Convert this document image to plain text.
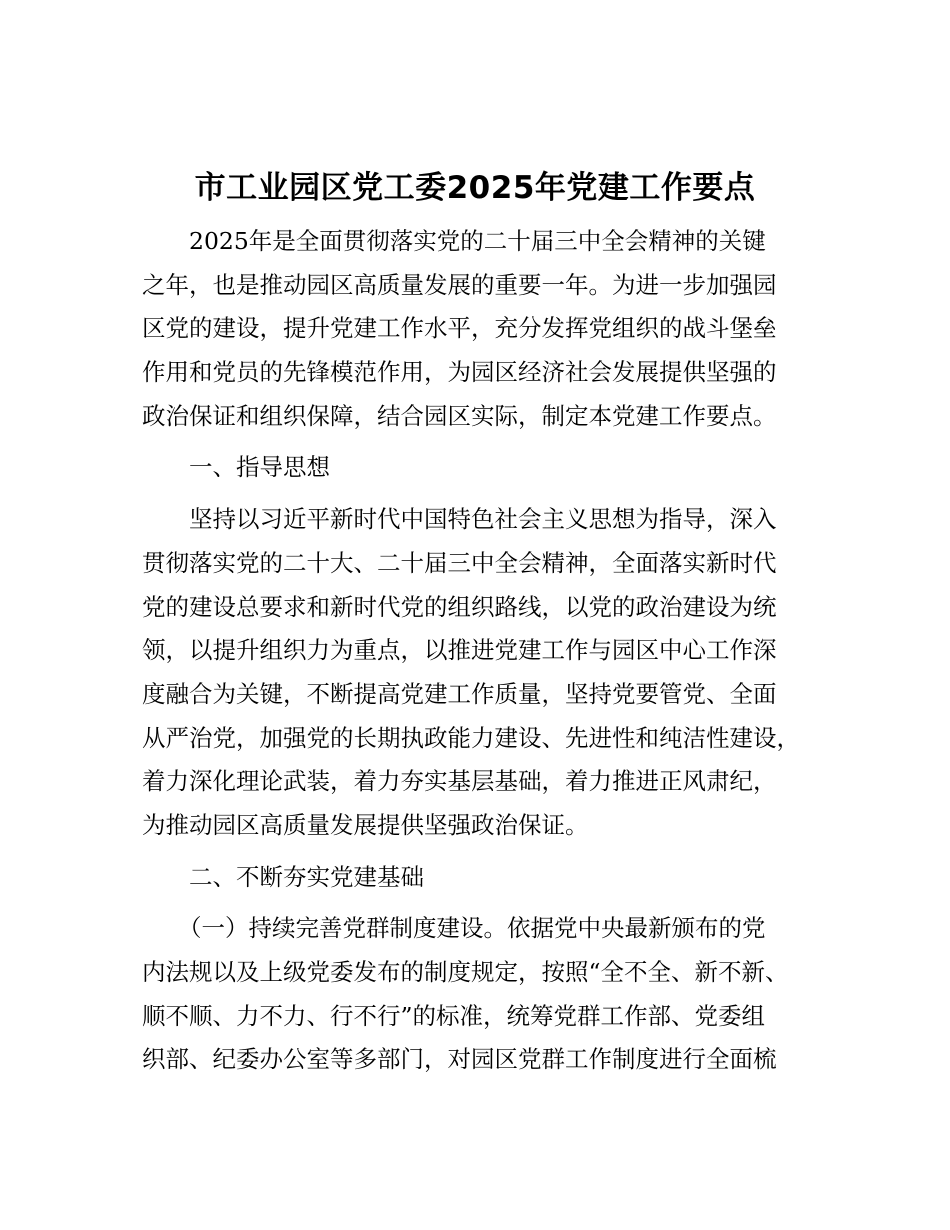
市工业园区党工委2025年党建工作要点
2025年是全面贯彻落实党的二十届三中全会精神的关键
之年，也是推动园区高质量发展的重要一年。为进一步加强园
区党的建设，提升党建工作水平，充分发挥党组织的战斗堡垒
作用和党员的先锋模范作用，为园区经济社会发展提供坚强的
政治保证和组织保障，结合园区实际，制定本党建工作要点。
一、指导思想
坚持以习近平新时代中国特色社会主义思想为指导，深入
贯彻落实党的二十大、二十届三中全会精神，全面落实新时代
党的建设总要求和新时代党的组织路线，以党的政治建设为统
领，以提升组织力为重点，以推进党建工作与园区中心工作深
度融合为关键，不断提高党建工作质量，坚持党要管党、全面
从严治党，加强党的长期执政能力建设、先进性和纯洁性建设，
着力深化理论武装，着力夯实基层基础，着力推进正风肃纪，
为推动园区高质量发展提供坚强政治保证。
二、不断夯实党建基础
（一）持续完善党群制度建设。依据党中央最新颁布的党
内法规以及上级党委发布的制度规定，按照“全不全、新不新、
顺不顺、力不力、行不行”的标准，统筹党群工作部、党委组
织部、纪委办公室等多部门，对园区党群工作制度进行全面梳
